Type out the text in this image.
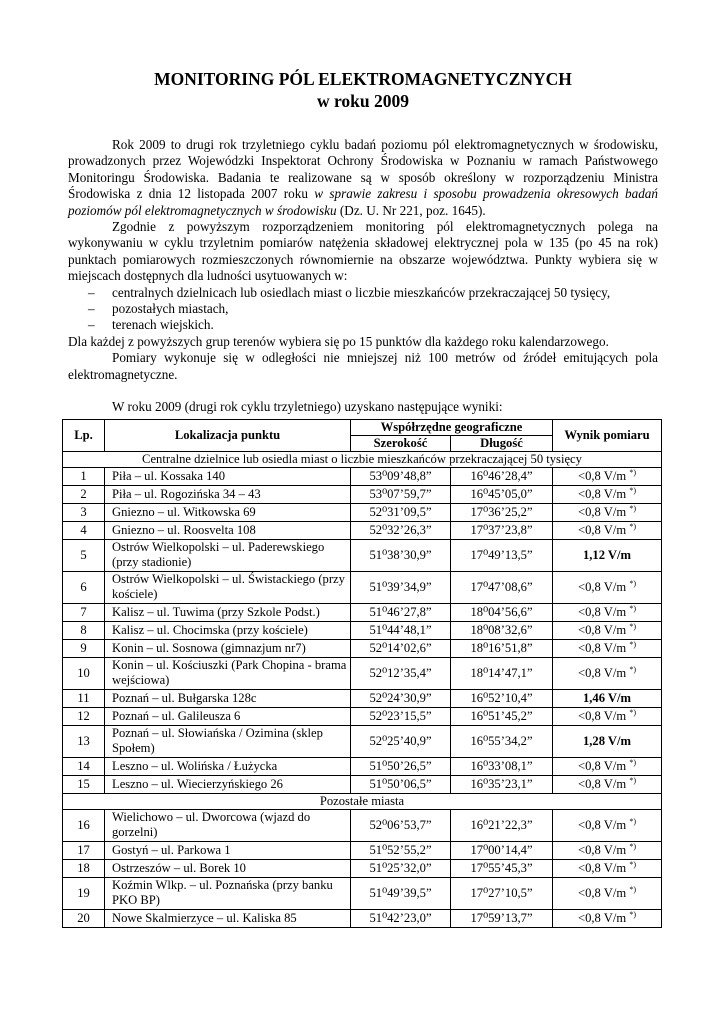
MONITORING PÓL ELEKTROMAGNETYCZNYCH

w roku 2009

Rok 2009 to drugi rok trzyletniego cyklu badań poziomu pól elektromagnetycznych w środowisku, prowadzonych przez Wojewódzki Inspektorat Ochrony Środowiska w Poznaniu w ramach Państwowego Monitoringu Środowiska. Badania te realizowane są w sposób określony w rozporządzeniu Ministra Środowiska z dnia 12 listopada 2007 roku w sprawie zakresu i sposobu prowadzenia okresowych badań poziomów pól elektromagnetycznych w środowisku (Dz. U. Nr 221, poz. 1645).

Zgodnie z powyższym rozporządzeniem monitoring pól elektromagnetycznych polega na wykonywaniu w cyklu trzyletnim pomiarów natężenia składowej elektrycznej pola w 135 (po 45 na rok) punktach pomiarowych rozmieszczonych równomiernie na obszarze województwa. Punkty wybiera się w miejscach dostępnych dla ludności usytuowanych w:

– centralnych dzielnicach lub osiedlach miast o liczbie mieszkańców przekraczającej 50 tysięcy,
– pozostałych miastach,
– terenach wiejskich.

Dla każdej z powyższych grup terenów wybiera się po 15 punktów dla każdego roku kalendarzowego.

Pomiary wykonuje się w odległości nie mniejszej niż 100 metrów od źródeł emitujących pola elektromagnetyczne.

W roku 2009 (drugi rok cyklu trzyletniego) uzyskano następujące wyniki:

Lp.	Lokalizacja punktu	Współrzędne geograficzne		Wynik pomiaru
		Szerokość	Długość	
Centralne dzielnice lub osiedla miast o liczbie mieszkańców przekraczającej 50 tysięcy				
1	Piła – ul. Kossaka 140	53⁰09’48,8”	16⁰46’28,4”	<0,8 V/m *)
2	Piła – ul. Rogozińska 34 – 43	53⁰07’59,7”	16⁰45’05,0”	<0,8 V/m *)
3	Gniezno – ul. Witkowska 69	52⁰31’09,5”	17⁰36’25,2”	<0,8 V/m *)
4	Gniezno – ul. Roosvelta 108	52⁰32’26,3”	17⁰37’23,8”	<0,8 V/m *)
5	Ostrów Wielkopolski – ul. Paderewskiego (przy stadionie)	51⁰38’30,9”	17⁰49’13,5”	1,12 V/m
6	Ostrów Wielkopolski – ul. Świstackiego (przy kościele)	51⁰39’34,9”	17⁰47’08,6”	<0,8 V/m *)
7	Kalisz – ul. Tuwima (przy Szkole Podst.)	51⁰46’27,8”	18⁰04’56,6”	<0,8 V/m *)
8	Kalisz – ul. Chocimska (przy kościele)	51⁰44’48,1”	18⁰08’32,6”	<0,8 V/m *)
9	Konin – ul. Sosnowa (gimnazjum nr7)	52⁰14’02,6”	18⁰16’51,8”	<0,8 V/m *)
10	Konin – ul. Kościuszki (Park Chopina - brama wejściowa)	52⁰12’35,4”	18⁰14’47,1”	<0,8 V/m *)
11	Poznań – ul. Bułgarska 128c	52⁰24’30,9”	16⁰52’10,4”	1,46 V/m
12	Poznań – ul. Galileusza 6	52⁰23’15,5”	16⁰51’45,2”	<0,8 V/m *)
13	Poznań – ul. Słowiańska / Ozimina (sklep Społem)	52⁰25’40,9”	16⁰55’34,2”	1,28 V/m
14	Leszno – ul. Wolińska / Łużycka	51⁰50’26,5”	16⁰33’08,1”	<0,8 V/m *)
15	Leszno – ul. Wiecierzyńskiego 26	51⁰50’06,5”	16⁰35’23,1”	<0,8 V/m *)
Pozostałe miasta				
16	Wielichowo – ul. Dworcowa (wjazd do gorzelni)	52⁰06’53,7”	16⁰21’22,3”	<0,8 V/m *)
17	Gostyń – ul. Parkowa 1	51⁰52’55,2”	17⁰00’14,4”	<0,8 V/m *)
18	Ostrzeszów – ul. Borek 10	51⁰25’32,0”	17⁰55’45,3”	<0,8 V/m *)
19	Koźmin Wlkp. – ul. Poznańska (przy banku PKO BP)	51⁰49’39,5”	17⁰27’10,5”	<0,8 V/m *)
20	Nowe Skalmierzyce – ul. Kaliska 85	51⁰42’23,0”	17⁰59’13,7”	<0,8 V/m *)
